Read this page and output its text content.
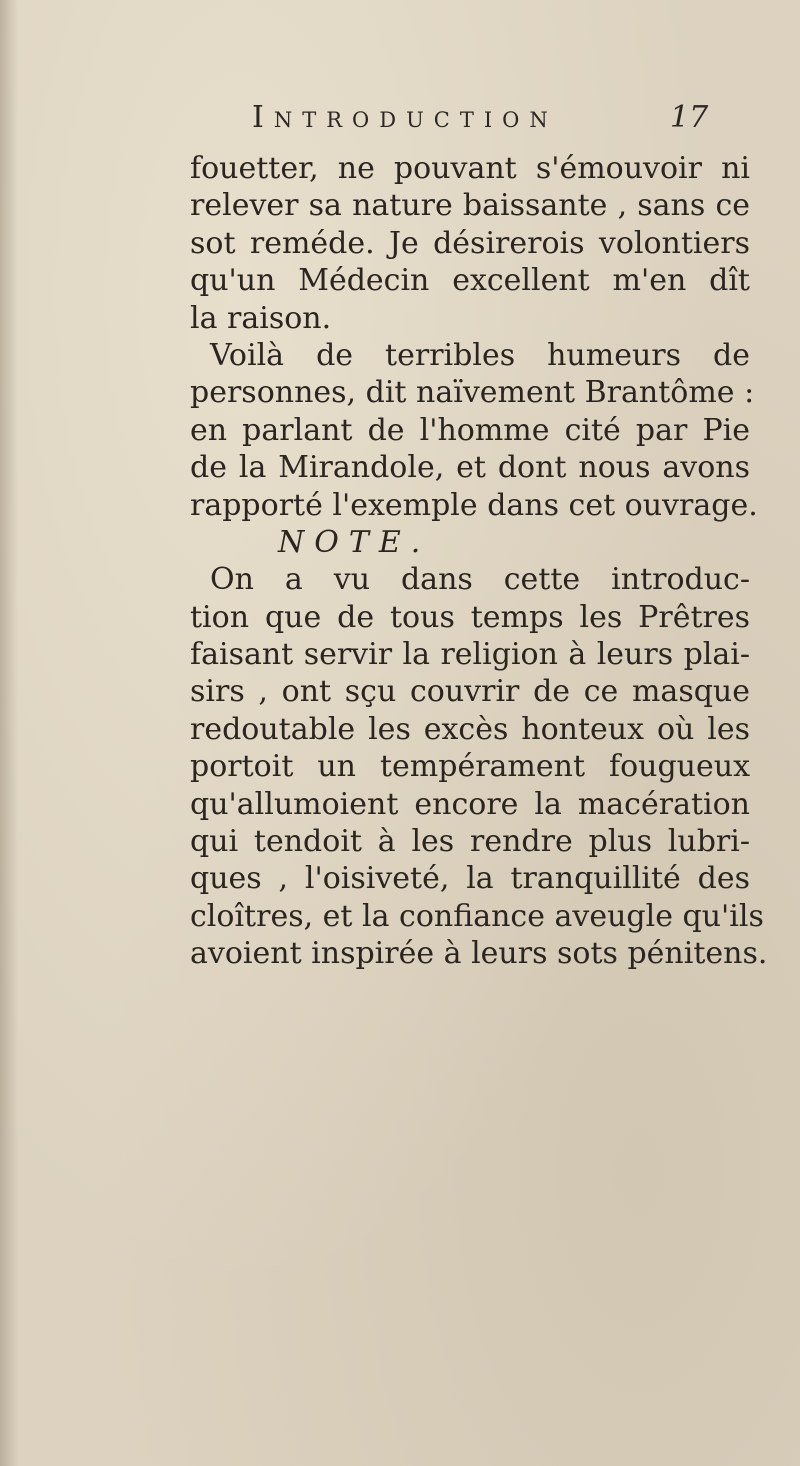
Introduction	17
fouetter, ne pouvant s'émouvoir ni
relever sa nature baissante , sans ce
sot reméde. Je désirerois volontiers
qu'un Médecin excellent m'en dît
la raison.
Voilà de terribles humeurs de
personnes, dit naïvement Brantôme :
en parlant de l'homme cité par Pie
de la Mirandole, et dont nous avons
rapporté l'exemple dans cet ouvrage.
NOTE.
On a vu dans cette introduc-
tion que de tous temps les Prêtres
faisant servir la religion à leurs plai-
sirs , ont sçu couvrir de ce masque
redoutable les excès honteux où les
portoit un tempérament fougueux
qu'allumoient encore la macération
qui tendoit à les rendre plus lubri-
ques , l'oisiveté, la tranquillité des
cloîtres, et la confiance aveugle qu'ils
avoient inspirée à leurs sots pénitens.
